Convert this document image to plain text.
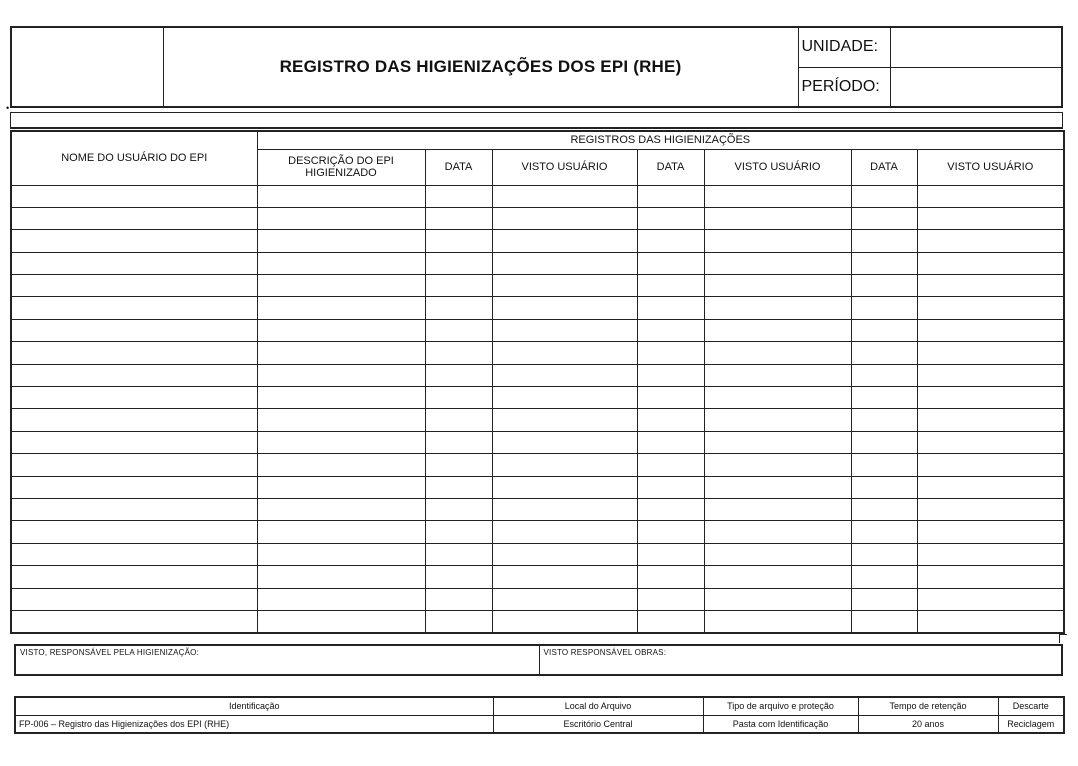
	REGISTRO DAS HIGIENIZAÇÕES DOS EPI (RHE)	UNIDADE:	
		PERÍODO:	
•
NOME DO USUÁRIO DO EPI	REGISTROS DAS HIGIENIZAÇÕES						
	DESCRIÇÃO DO EPI HIGIENIZADO	DATA	VISTO USUÁRIO	DATA	VISTO USUÁRIO	DATA	VISTO USUÁRIO

VISTO, RESPONSÁVEL PELA HIGIENIZAÇÃO:	VISTO RESPONSÁVEL OBRAS:
Identificação	Local do Arquivo	Tipo de arquivo e proteção	Tempo de retenção	Descarte
FP-006 – Registro das Higienizações dos EPI (RHE)	Escritório Central	Pasta com Identificação	20 anos	Reciclagem
